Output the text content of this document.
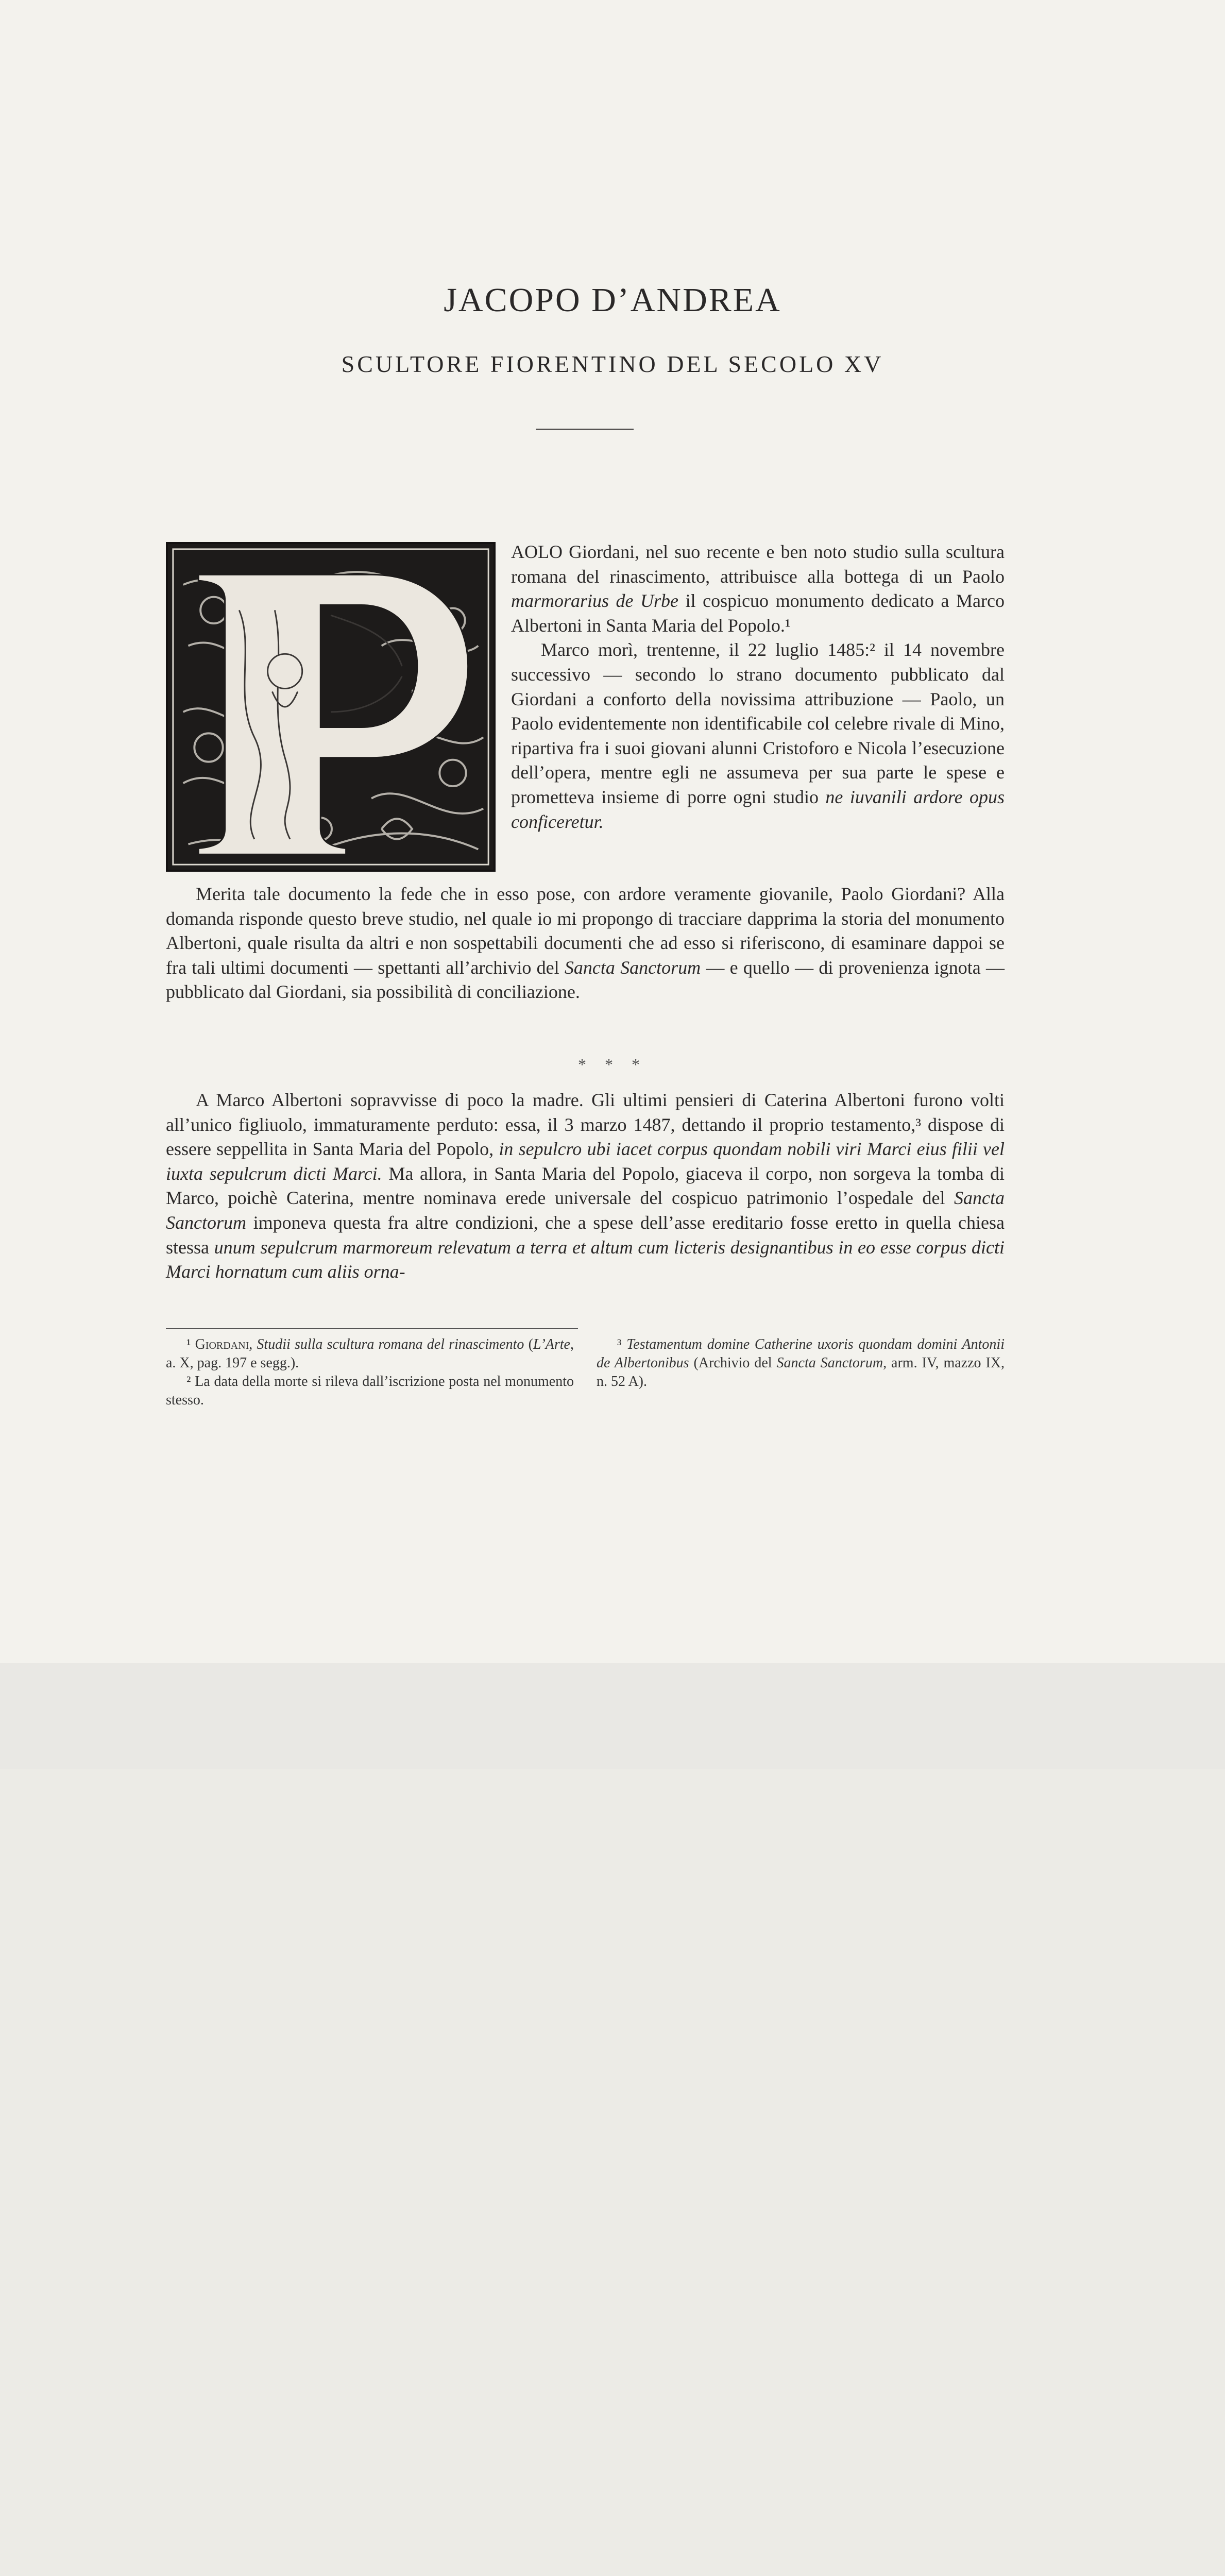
JACOPO D’ANDREA
SCULTORE FIORENTINO DEL SECOLO XV
AOLO Giordani, nel suo recente e ben noto studio sulla scultura romana del rinascimento, attribuisce alla bottega di un Paolo marmorarius de Urbe il cospicuo monumento dedicato a Marco Albertoni in Santa Maria del Popolo.¹
Marco morì, trentenne, il 22 luglio 1485:² il 14 novembre successivo — secondo lo strano documento pubblicato dal Giordani a conforto della novissima attribuzione — Paolo, un Paolo evidentemente non identificabile col celebre rivale di Mino, ripartiva fra i suoi giovani alunni Cristoforo e Nicola l’esecuzione dell’opera, mentre egli ne assumeva per sua parte le spese e prometteva insieme di porre ogni studio ne iuvanili ardore opus conficeretur.
Merita tale documento la fede che in esso pose, con ardore veramente giovanile, Paolo Giordani? Alla domanda risponde questo breve studio, nel quale io mi propongo di tracciare dapprima la storia del monumento Albertoni, quale risulta da altri e non sospettabili documenti che ad esso si riferiscono, di esaminare dappoi se fra tali ultimi documenti — spettanti all’archivio del Sancta Sanctorum — e quello — di provenienza ignota — pubblicato dal Giordani, sia possibilità di conciliazione.
* * *
A Marco Albertoni sopravvisse di poco la madre. Gli ultimi pensieri di Caterina Albertoni furono volti all’unico figliuolo, immaturamente perduto: essa, il 3 marzo 1487, dettando il proprio testamento,³ dispose di essere seppellita in Santa Maria del Popolo, in sepulcro ubi iacet corpus quondam nobili viri Marci eius filii vel iuxta sepulcrum dicti Marci. Ma allora, in Santa Maria del Popolo, giaceva il corpo, non sorgeva la tomba di Marco, poichè Caterina, mentre nominava erede universale del cospicuo patrimonio l’ospedale del Sancta Sanctorum imponeva questa fra altre condizioni, che a spese dell’asse ereditario fosse eretto in quella chiesa stessa unum sepulcrum marmoreum relevatum a terra et altum cum licteris designantibus in eo esse corpus dicti Marci hornatum cum aliis orna-
¹ Giordani, Studii sulla scultura romana del rinascimento (L’Arte, a. X, pag. 197 e segg.).
² La data della morte si rileva dall’iscrizione posta nel monumento stesso.
³ Testamentum domine Catherine uxoris quondam domini Antonii de Albertonibus (Archivio del Sancta Sanctorum, arm. IV, mazzo IX, n. 52 A).
